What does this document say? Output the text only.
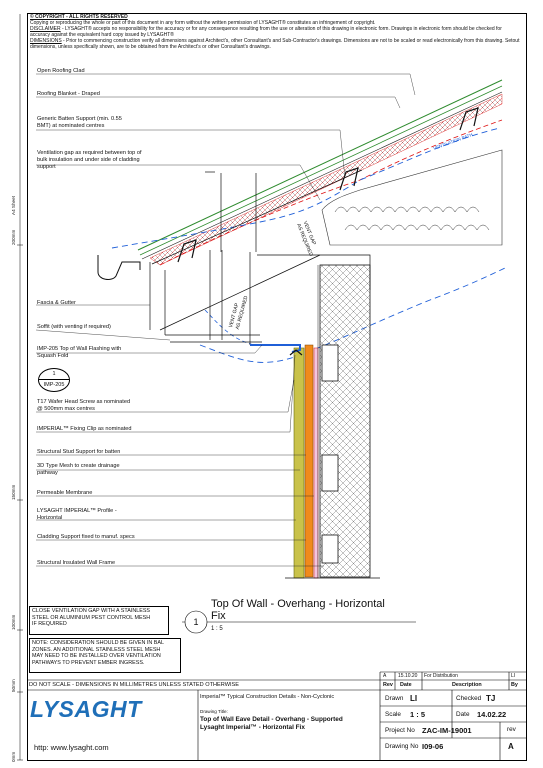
© COPYRIGHT - ALL RIGHTS RESERVED
Copying or reproducing the whole or part of this document in any form without the written permission of LYSAGHT® constitutes an infringement of copyright.
DISCLAIMER - LYSAGHT® accepts no responsibility for the accuracy or for any consequence resulting from the use or alteration of this drawing in electronic form. Drawings in electronic form should be checked for accuracy against the equivalent hard copy issued by LYSAGHT®
DIMENSIONS - Prior to commencing construction verify all dimensions against Architect's, other Consultant's and Sub-Contractor's drawings. Dimensions are not to be scaled or read electronically from this drawing. Setout dimensions, unless specifically shown, are to be obtained from the Architect's or other Consultant's drawings.
A4 Sheet
200mm
150mm
100mm
50mm
0mm
Open Roofing Clad
Roofing Blanket - Draped
Generic Batten Support (min. 0.55
BMT) at nominated centres
Ventilation gap as required between top of
bulk insulation and under side of cladding
support
Fascia & Gutter
Soffit (with venting if required)
IMP-205 Top of Wall Flashing with
Squash Fold
T17 Wafer Head Screw as nominated
@ 500mm max centres
IMPERIAL™ Fixing Clip as nominated
Structural Stud Support for batten
3D Type Mesh to create drainage
pathway
Permeable Membrane
LYSAGHT IMPERIAL™ Profile -
Horizontal
Cladding Support fixed to manuf. specs
Structural Insulated Wall Frame
1
IMP-205
VENT GAP
AS REQUIRED
VENT GAP
AS REQUIRED
VENTILATION PATH
1
Top Of Wall - Overhang - Horizontal
Fix
1 : 5
CLOSE VENTILATION GAP WITH A STAINLESS
STEEL OR ALUMINIUM PEST CONTROL MESH
IF REQUIRED
NOTE: CONSIDERATION SHOULD BE GIVEN IN BAL
ZONES. AN ADDITIONAL STAINLESS STEEL MESH
MAY NEED TO BE INSTALLED OVER VENTILATION
PATHWAYS TO PREVENT EMBER INGRESS.
DO NOT SCALE - DIMENSIONS IN MILLIMETRES UNLESS STATED OTHERWISE
LYSAGHT
http: www.lysaght.com
Imperial™ Typical Construction Details - Non-Cyclonic
Drawing Title:
Top of Wall Eave Detail - Overhang - Supported
Lysaght Imperial™ - Horizontal Fix
A 15.10.20 For Distribution	LI
Rev Date	Description	By
Drawn LI	Checked TJ
Scale 1 : 5	Date 14.02.22
Project No ZAC-IM-19001	rev
Drawing No I09-06	A
